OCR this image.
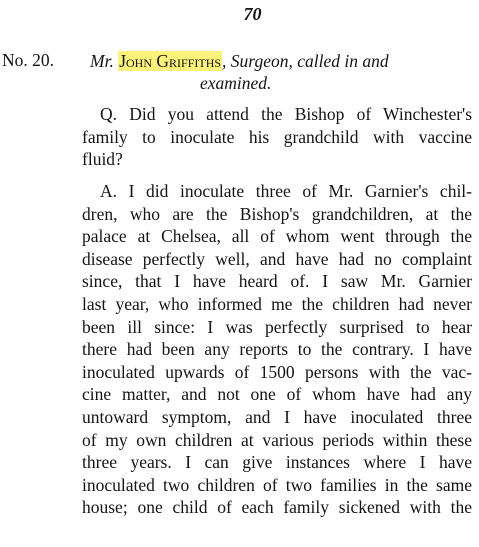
70
No. 20. Mr. John Griffiths, Surgeon, called in and
examined.
Q. Did you attend the Bishop of Winchester's
family to inoculate his grandchild with vaccine
fluid?
A. I did inoculate three of Mr. Garnier's chil-
dren, who are the Bishop's grandchildren, at the
palace at Chelsea, all of whom went through the
disease perfectly well, and have had no complaint
since, that I have heard of. I saw Mr. Garnier
last year, who informed me the children had never
been ill since: I was perfectly surprised to hear
there had been any reports to the contrary. I have
inoculated upwards of 1500 persons with the vac-
cine matter, and not one of whom have had any
untoward symptom, and I have inoculated three
of my own children at various periods within these
three years. I can give instances where I have
inoculated two children of two families in the same
house; one child of each family sickened with the
